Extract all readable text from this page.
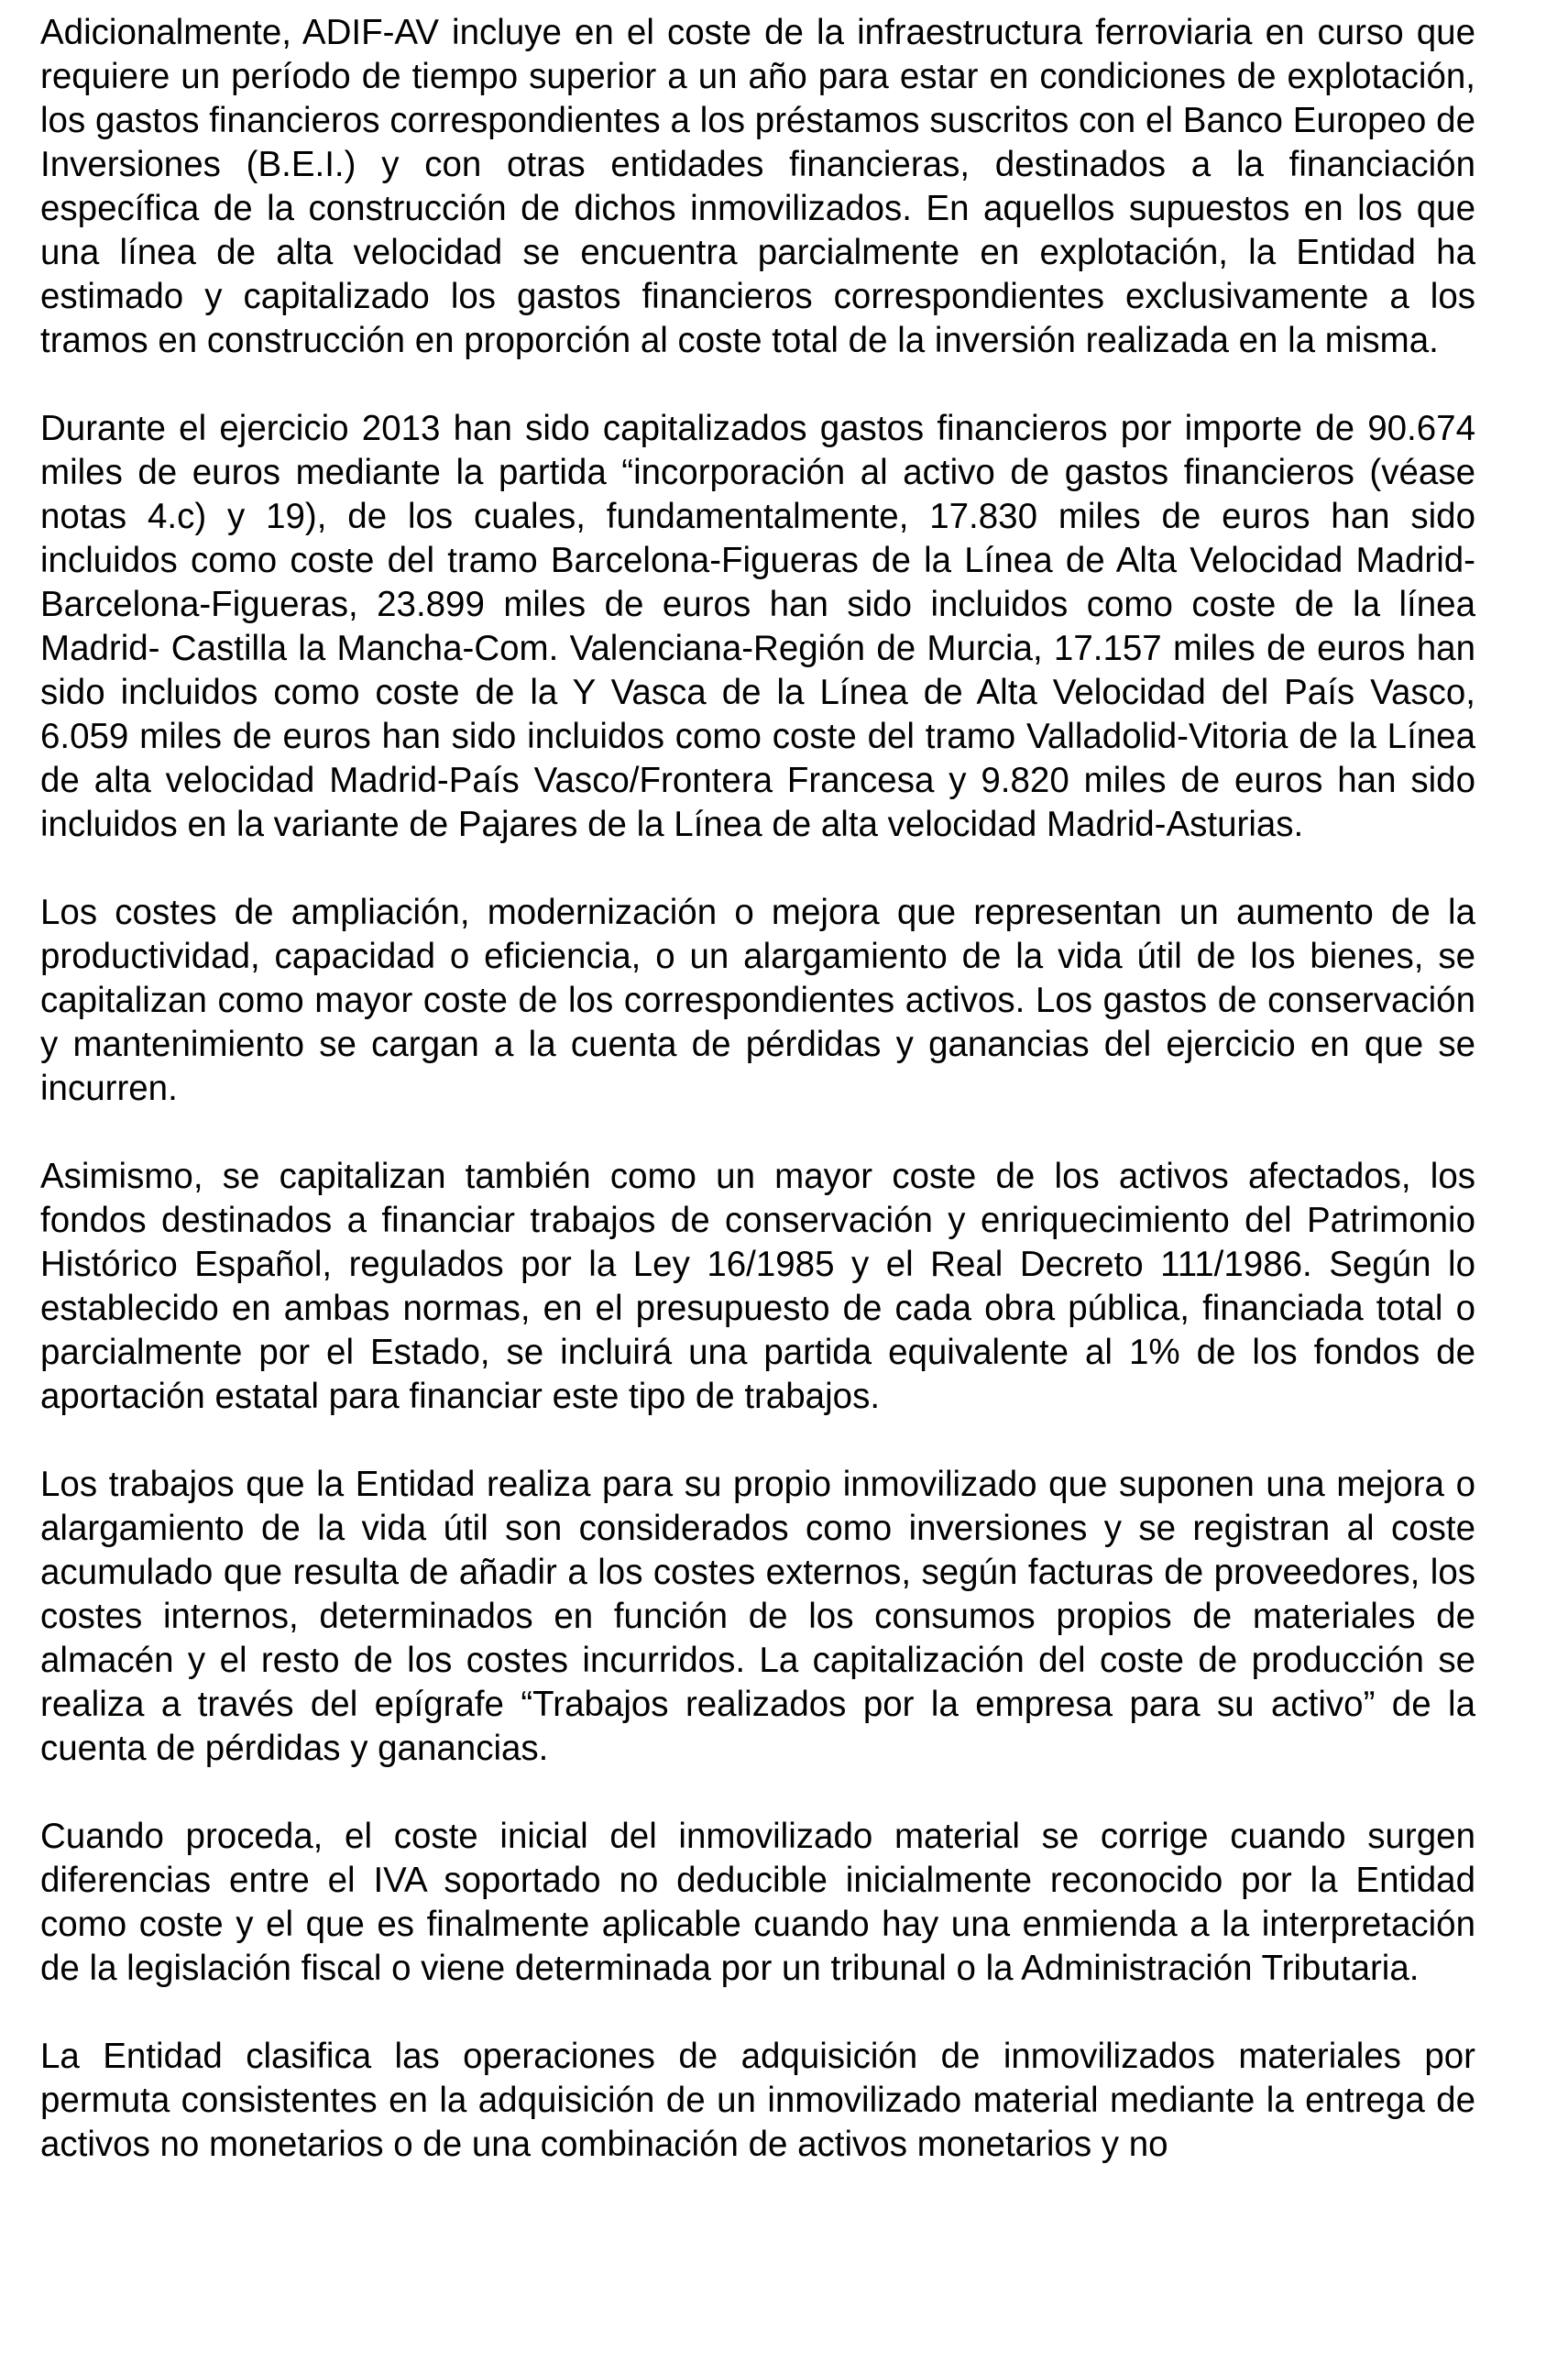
Adicionalmente, ADIF-AV incluye en el coste de la infraestructura ferroviaria en curso que requiere un período de tiempo superior a un año para estar en condiciones de explotación, los gastos financieros correspondientes a los préstamos suscritos con el Banco Europeo de Inversiones (B.E.I.) y con otras entidades financieras, destinados a la financiación específica de la construcción de dichos inmovilizados. En aquellos supuestos en los que una línea de alta velocidad se encuentra parcialmente en explotación, la Entidad ha estimado y capitalizado los gastos financieros correspondientes exclusivamente a los tramos en construcción en proporción al coste total de la inversión realizada en la misma.

Durante el ejercicio 2013 han sido capitalizados gastos financieros por importe de 90.674 miles de euros mediante la partida “incorporación al activo de gastos financieros (véase notas 4.c) y 19), de los cuales, fundamentalmente, 17.830 miles de euros han sido incluidos como coste del tramo Barcelona-Figueras de la Línea de Alta Velocidad Madrid-Barcelona-Figueras, 23.899 miles de euros han sido incluidos como coste de la línea Madrid- Castilla la Mancha-Com. Valenciana-Región de Murcia, 17.157 miles de euros han sido incluidos como coste de la Y Vasca de la Línea de Alta Velocidad del País Vasco, 6.059 miles de euros han sido incluidos como coste del tramo Valladolid-Vitoria de la Línea de alta velocidad Madrid-País Vasco/Frontera Francesa y 9.820 miles de euros han sido incluidos en la variante de Pajares de la Línea de alta velocidad Madrid-Asturias.

Los costes de ampliación, modernización o mejora que representan un aumento de la productividad, capacidad o eficiencia, o un alargamiento de la vida útil de los bienes, se capitalizan como mayor coste de los correspondientes activos. Los gastos de conservación y mantenimiento se cargan a la cuenta de pérdidas y ganancias del ejercicio en que se incurren.

Asimismo, se capitalizan también como un mayor coste de los activos afectados, los fondos destinados a financiar trabajos de conservación y enriquecimiento del Patrimonio Histórico Español, regulados por la Ley 16/1985 y el Real Decreto 111/1986. Según lo establecido en ambas normas, en el presupuesto de cada obra pública, financiada total o parcialmente por el Estado, se incluirá una partida equivalente al 1% de los fondos de aportación estatal para financiar este tipo de trabajos.

Los trabajos que la Entidad realiza para su propio inmovilizado que suponen una mejora o alargamiento de la vida útil son considerados como inversiones y se registran al coste acumulado que resulta de añadir a los costes externos, según facturas de proveedores, los costes internos, determinados en función de los consumos propios de materiales de almacén y el resto de los costes incurridos. La capitalización del coste de producción se realiza a través del epígrafe “Trabajos realizados por la empresa para su activo” de la cuenta de pérdidas y ganancias.

Cuando proceda, el coste inicial del inmovilizado material se corrige cuando surgen diferencias entre el IVA soportado no deducible inicialmente reconocido por la Entidad como coste y el que es finalmente aplicable cuando hay una enmienda a la interpretación de la legislación fiscal o viene determinada por un tribunal o la Administración Tributaria.

La Entidad clasifica las operaciones de adquisición de inmovilizados materiales por permuta consistentes en la adquisición de un inmovilizado material mediante la entrega de activos no monetarios o de una combinación de activos monetarios y no
